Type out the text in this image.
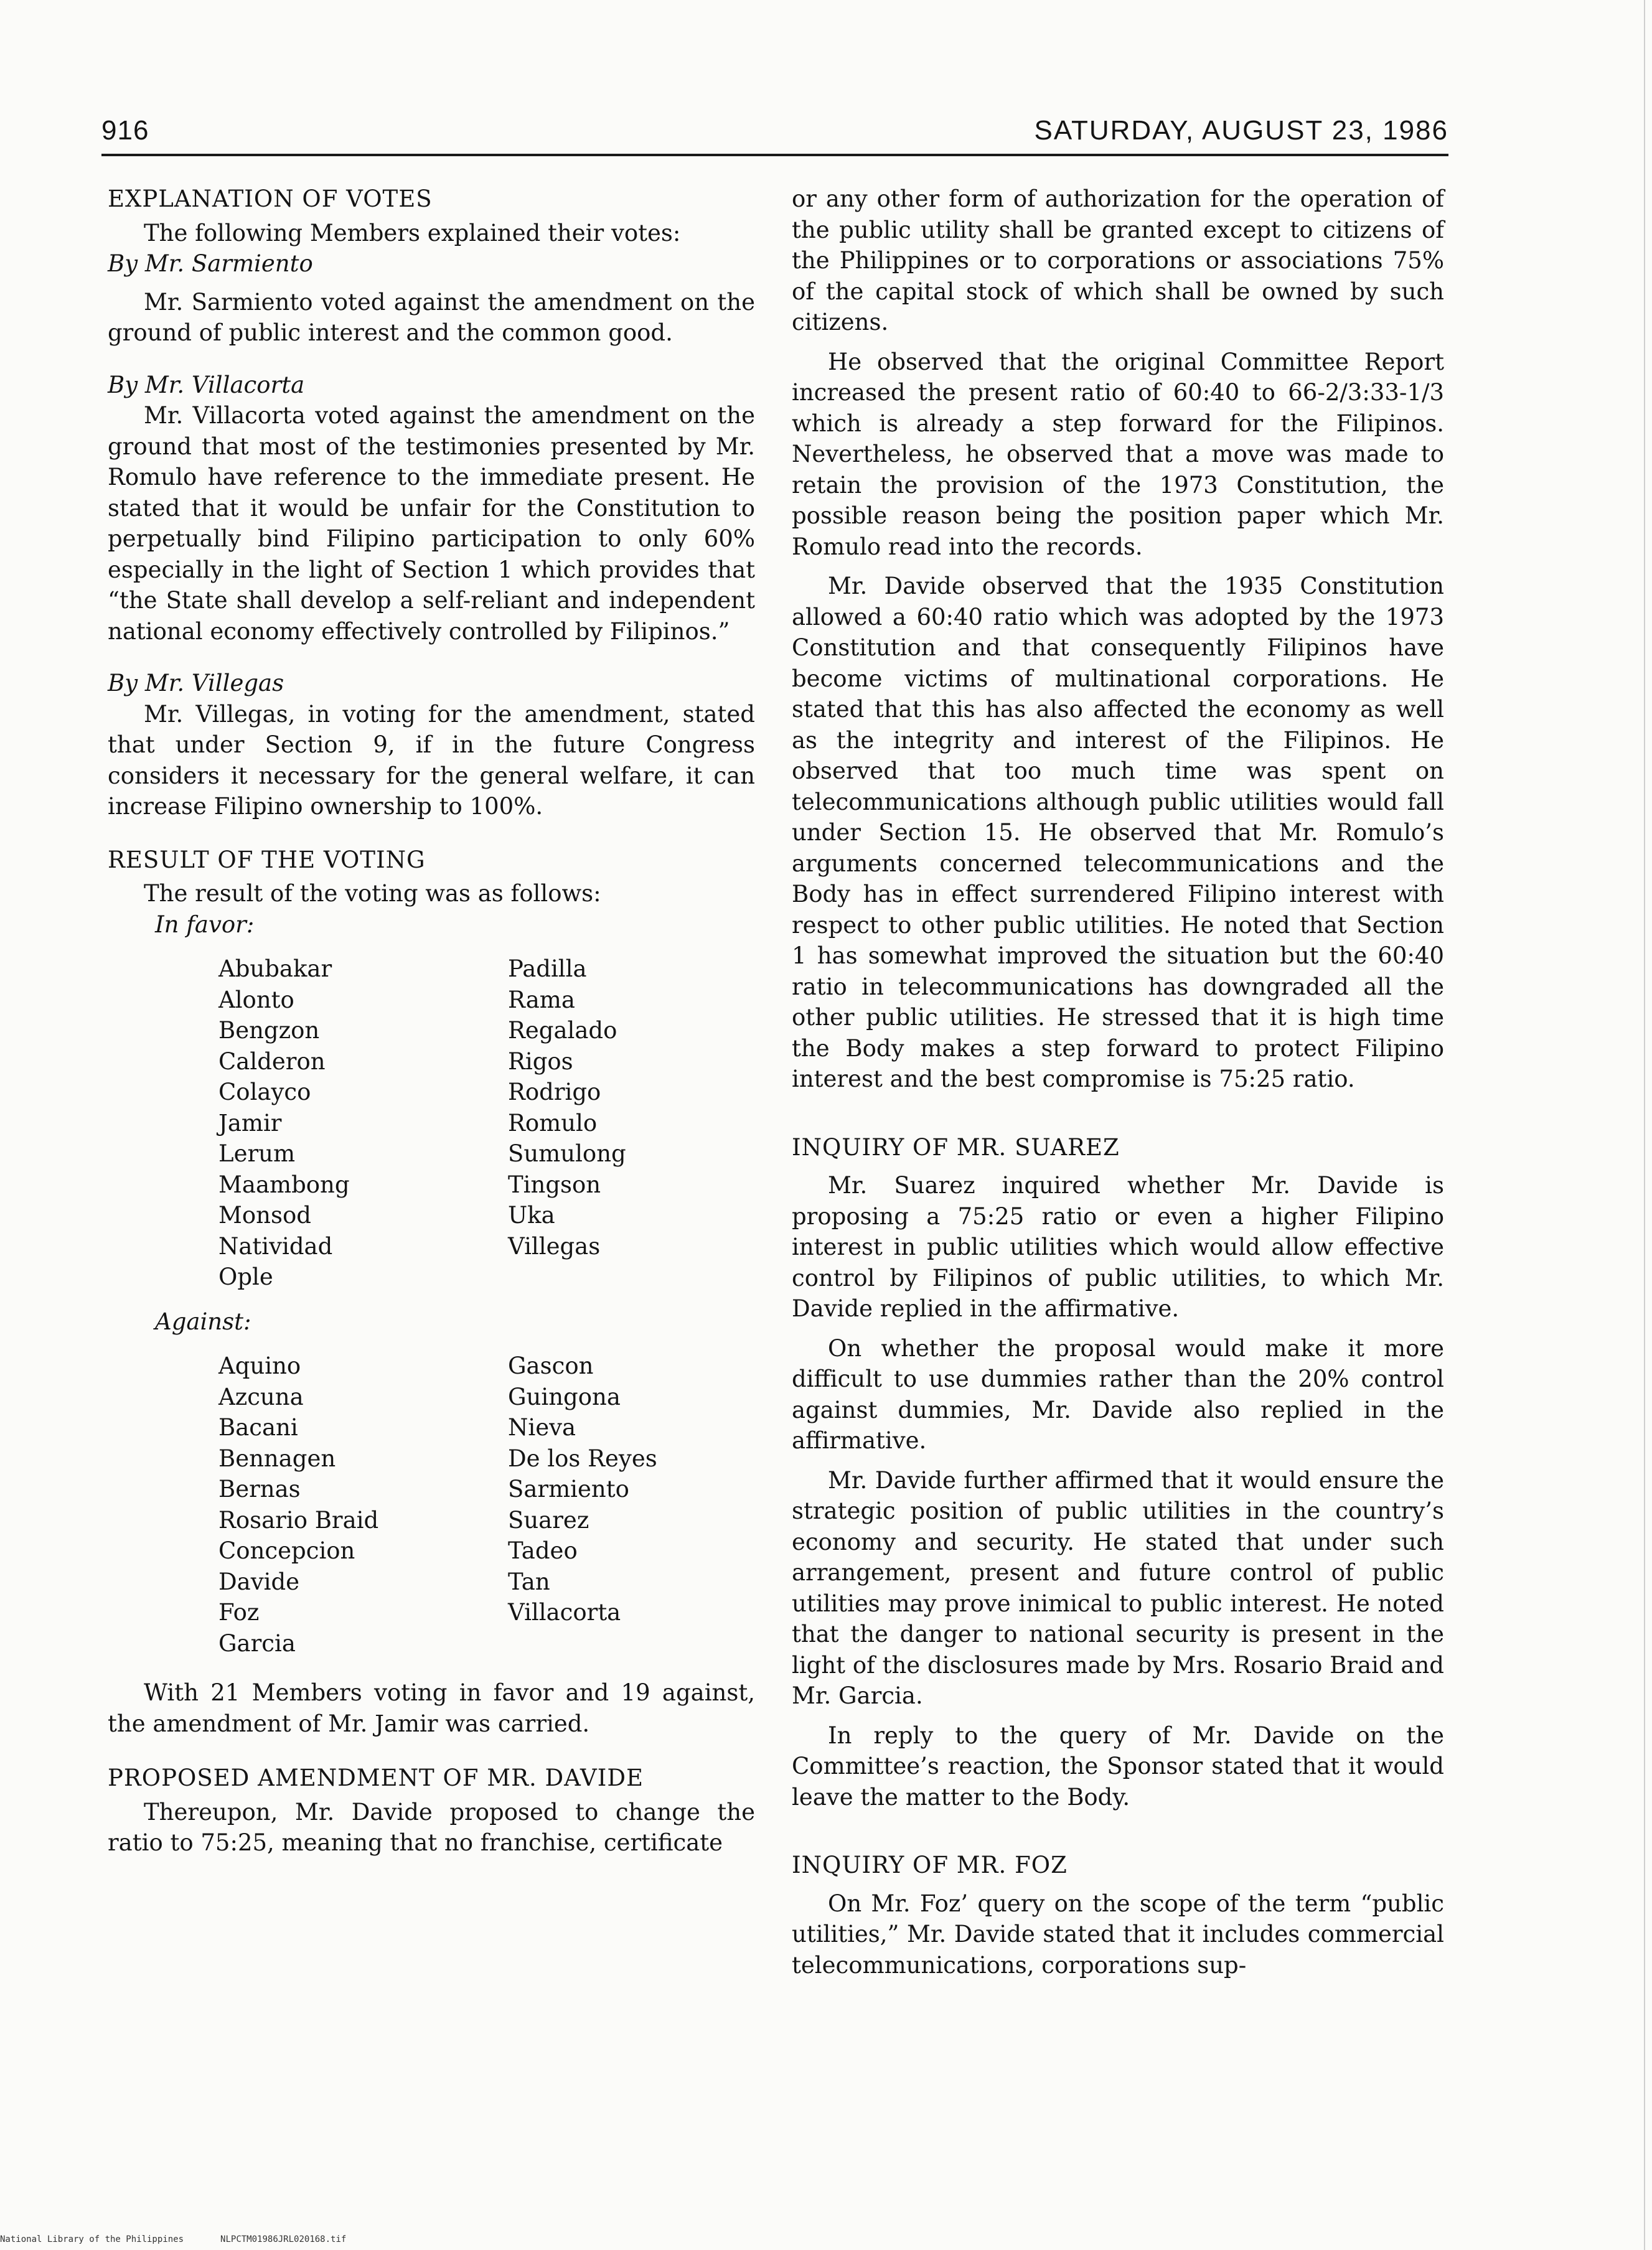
916	SATURDAY, AUGUST 23, 1986
EXPLANATION OF VOTES

The following Members explained their votes:

By Mr. Sarmiento

Mr. Sarmiento voted against the amendment on the ground of public interest and the common good.

By Mr. Villacorta

Mr. Villacorta voted against the amendment on the ground that most of the testimonies presented by Mr. Romulo have reference to the immediate present. He stated that it would be unfair for the Constitution to perpetually bind Filipino participation to only 60% especially in the light of Section 1 which provides that “the State shall develop a self-reliant and independent national economy effectively controlled by Filipinos.”

By Mr. Villegas

Mr. Villegas, in voting for the amendment, stated that under Section 9, if in the future Congress considers it necessary for the general welfare, it can increase Filipino ownership to 100%.

RESULT OF THE VOTING

The result of the voting was as follows:

In favor:

Abubakar	Padilla
Alonto	Rama
Bengzon	Regalado
Calderon	Rigos
Colayco	Rodrigo
Jamir	Romulo
Lerum	Sumulong
Maambong	Tingson
Monsod	Uka
Natividad	Villegas
Ople

Against:

Aquino	Gascon
Azcuna	Guingona
Bacani	Nieva
Bennagen	De los Reyes
Bernas	Sarmiento
Rosario Braid	Suarez
Concepcion	Tadeo
Davide	Tan
Foz	Villacorta
Garcia

With 21 Members voting in favor and 19 against, the amendment of Mr. Jamir was carried.

PROPOSED AMENDMENT OF MR. DAVIDE

Thereupon, Mr. Davide proposed to change the ratio to 75:25, meaning that no franchise, certificate

or any other form of authorization for the operation of the public utility shall be granted except to citizens of the Philippines or to corporations or associations 75% of the capital stock of which shall be owned by such citizens.

He observed that the original Committee Report increased the present ratio of 60:40 to 66-2/3:33-1/3 which is already a step forward for the Filipinos. Nevertheless, he observed that a move was made to retain the provision of the 1973 Constitution, the possible reason being the position paper which Mr. Romulo read into the records.

Mr. Davide observed that the 1935 Constitution allowed a 60:40 ratio which was adopted by the 1973 Constitution and that consequently Filipinos have become victims of multinational corporations. He stated that this has also affected the economy as well as the integrity and interest of the Filipinos. He observed that too much time was spent on telecommunications although public utilities would fall under Section 15. He observed that Mr. Romulo’s arguments concerned telecommunications and the Body has in effect surrendered Filipino interest with respect to other public utilities. He noted that Section 1 has somewhat improved the situation but the 60:40 ratio in telecommunications has downgraded all the other public utilities. He stressed that it is high time the Body makes a step forward to protect Filipino interest and the best compromise is 75:25 ratio.

INQUIRY OF MR. SUAREZ

Mr. Suarez inquired whether Mr. Davide is proposing a 75:25 ratio or even a higher Filipino interest in public utilities which would allow effective control by Filipinos of public utilities, to which Mr. Davide replied in the affirmative.

On whether the proposal would make it more difficult to use dummies rather than the 20% control against dummies, Mr. Davide also replied in the affirmative.

Mr. Davide further affirmed that it would ensure the strategic position of public utilities in the country’s economy and security. He stated that under such arrangement, present and future control of public utilities may prove inimical to public interest. He noted that the danger to national security is present in the light of the disclosures made by Mrs. Rosario Braid and Mr. Garcia.

In reply to the query of Mr. Davide on the Committee’s reaction, the Sponsor stated that it would leave the matter to the Body.

INQUIRY OF MR. FOZ

On Mr. Foz’ query on the scope of the term “public utilities,” Mr. Davide stated that it includes commercial telecommunications, corporations sup-

National Library of the Philippines	NLPCTM01986JRL020168.tif
